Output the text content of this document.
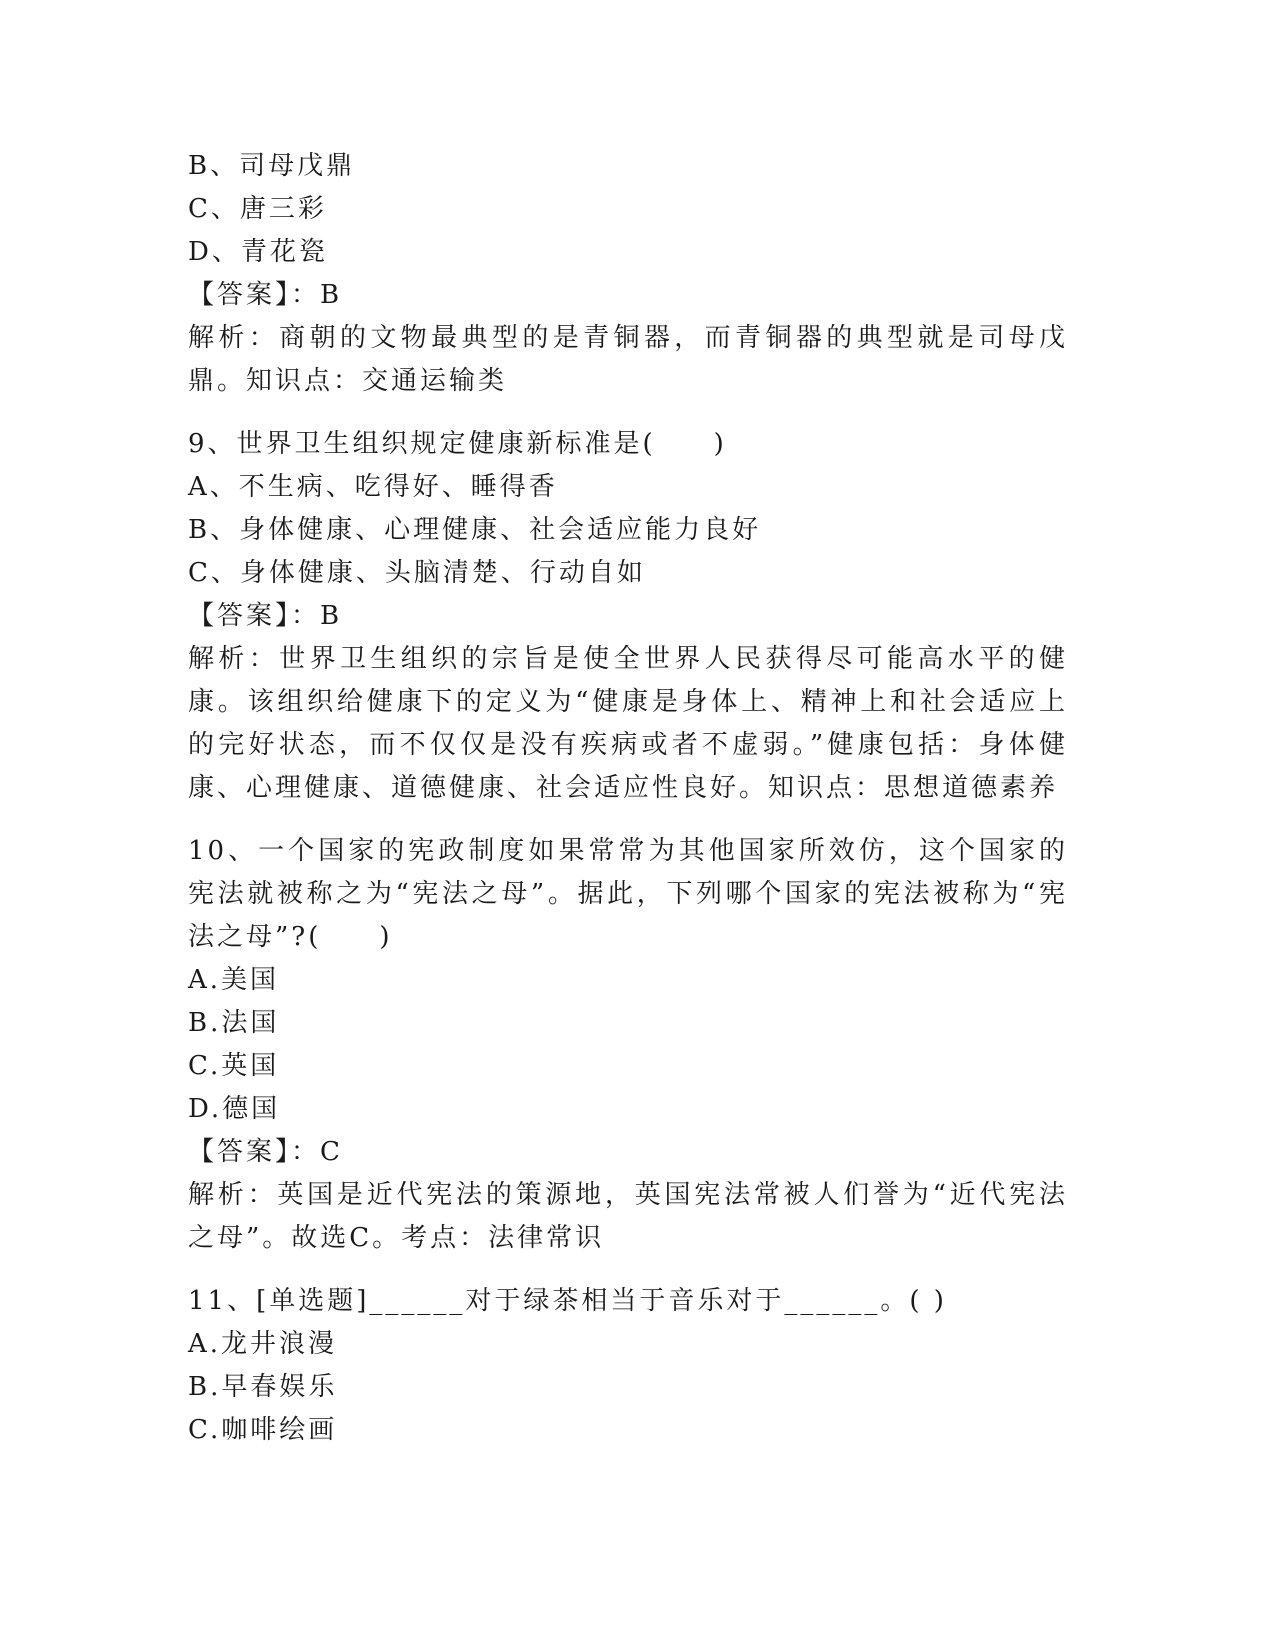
B、司母戊鼎
C、唐三彩
D、青花瓷
【答案】：B
解析：商朝的文物最典型的是青铜器，而青铜器的典型就是司母戊鼎。知识点：交通运输类
9、世界卫生组织规定健康新标准是(　　)
A、不生病、吃得好、睡得香
B、身体健康、心理健康、社会适应能力良好
C、身体健康、头脑清楚、行动自如
【答案】：B
解析：世界卫生组织的宗旨是使全世界人民获得尽可能高水平的健康。该组织给健康下的定义为“健康是身体上、精神上和社会适应上的完好状态，而不仅仅是没有疾病或者不虚弱。”健康包括：身体健康、心理健康、道德健康、社会适应性良好。知识点：思想道德素养
10、一个国家的宪政制度如果常常为其他国家所效仿，这个国家的宪法就被称之为“宪法之母”。据此，下列哪个国家的宪法被称为“宪法之母”?(　　)
A.美国
B.法国
C.英国
D.德国
【答案】：C
解析：英国是近代宪法的策源地，英国宪法常被人们誉为“近代宪法之母”。故选C。考点：法律常识
11、[单选题]______对于绿茶相当于音乐对于______。( )
A.龙井浪漫
B.早春娱乐
C.咖啡绘画
